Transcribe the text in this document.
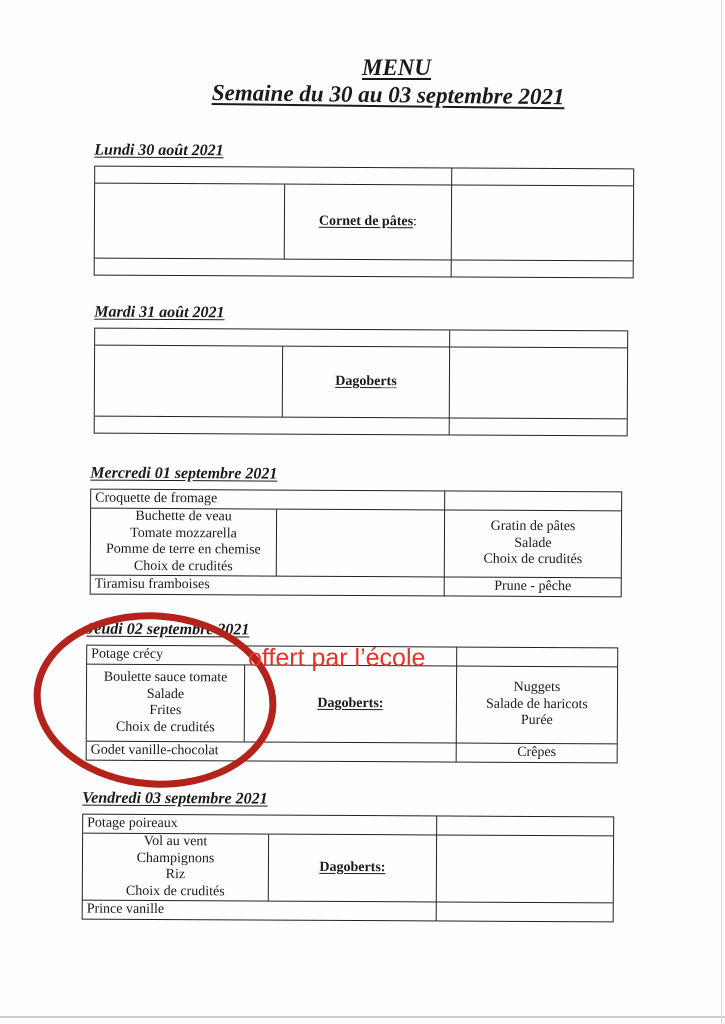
MENU
Semaine du 30 au 03 septembre 2021
Lundi 30 août 2021
Cornet de pâtes:
Mardi 31 août 2021
Dagoberts
Mercredi 01 septembre 2021
Croquette de fromage
Buchette de veau
Tomate mozzarella
Pomme de terre en chemise
Choix de crudités
Gratin de pâtes
Salade
Choix de crudités
Tiramisu framboises	Prune - pêche
Jeudi 02 septembre 2021
Potage crécy
Boulette sauce tomate
Salade
Frites
Choix de crudités
Dagoberts:
Nuggets
Salade de haricots
Purée
Godet vanille-chocolat	Crêpes
Vendredi 03 septembre 2021
Potage poireaux
Vol au vent
Champignons
Riz
Choix de crudités
Dagoberts:
Prince vanille
offert par l’école
